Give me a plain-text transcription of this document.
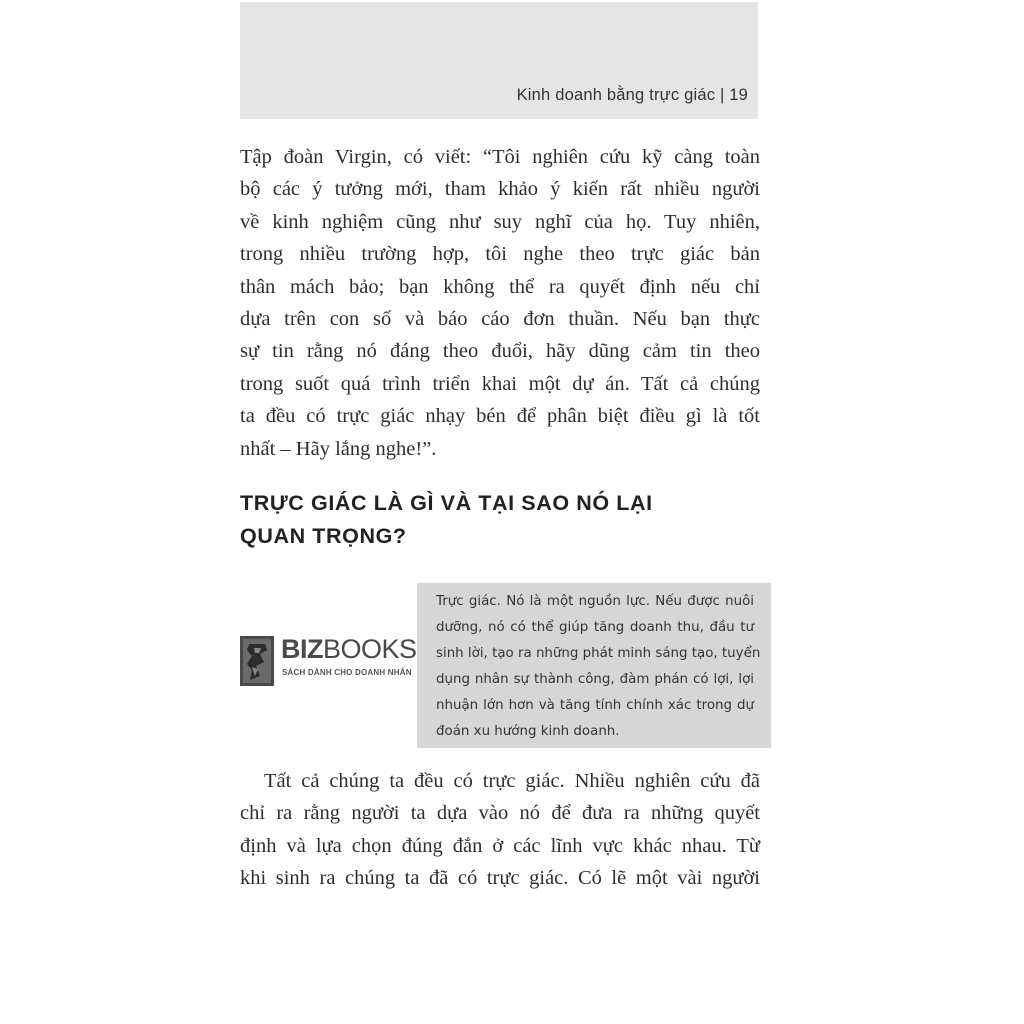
Kinh doanh bằng trực giác | 19
Tập đoàn Virgin, có viết: “Tôi nghiên cứu kỹ càng toàn
bộ các ý tưởng mới, tham khảo ý kiến rất nhiều người
về kinh nghiệm cũng như suy nghĩ của họ. Tuy nhiên,
trong nhiều trường hợp, tôi nghe theo trực giác bản
thân mách bảo; bạn không thể ra quyết định nếu chỉ
dựa trên con số và báo cáo đơn thuần. Nếu bạn thực
sự tin rằng nó đáng theo đuổi, hãy dũng cảm tin theo
trong suốt quá trình triển khai một dự án. Tất cả chúng
ta đều có trực giác nhạy bén để phân biệt điều gì là tốt
nhất – Hãy lắng nghe!”.
TRỰC GIÁC LÀ GÌ VÀ TẠI SAO NÓ LẠI
QUAN TRỌNG?
BIZBOOKS
SÁCH DÀNH CHO DOANH NHÂN
Trực giác. Nó là một nguồn lực. Nếu được nuôi
dưỡng, nó có thể giúp tăng doanh thu, đầu tư
sinh lời, tạo ra những phát minh sáng tạo, tuyển
dụng nhân sự thành công, đàm phán có lợi, lợi
nhuận lớn hơn và tăng tính chính xác trong dự
đoán xu hướng kinh doanh.
Tất cả chúng ta đều có trực giác. Nhiều nghiên cứu đã
chỉ ra rằng người ta dựa vào nó để đưa ra những quyết
định và lựa chọn đúng đắn ở các lĩnh vực khác nhau. Từ
khi sinh ra chúng ta đã có trực giác. Có lẽ một vài người
